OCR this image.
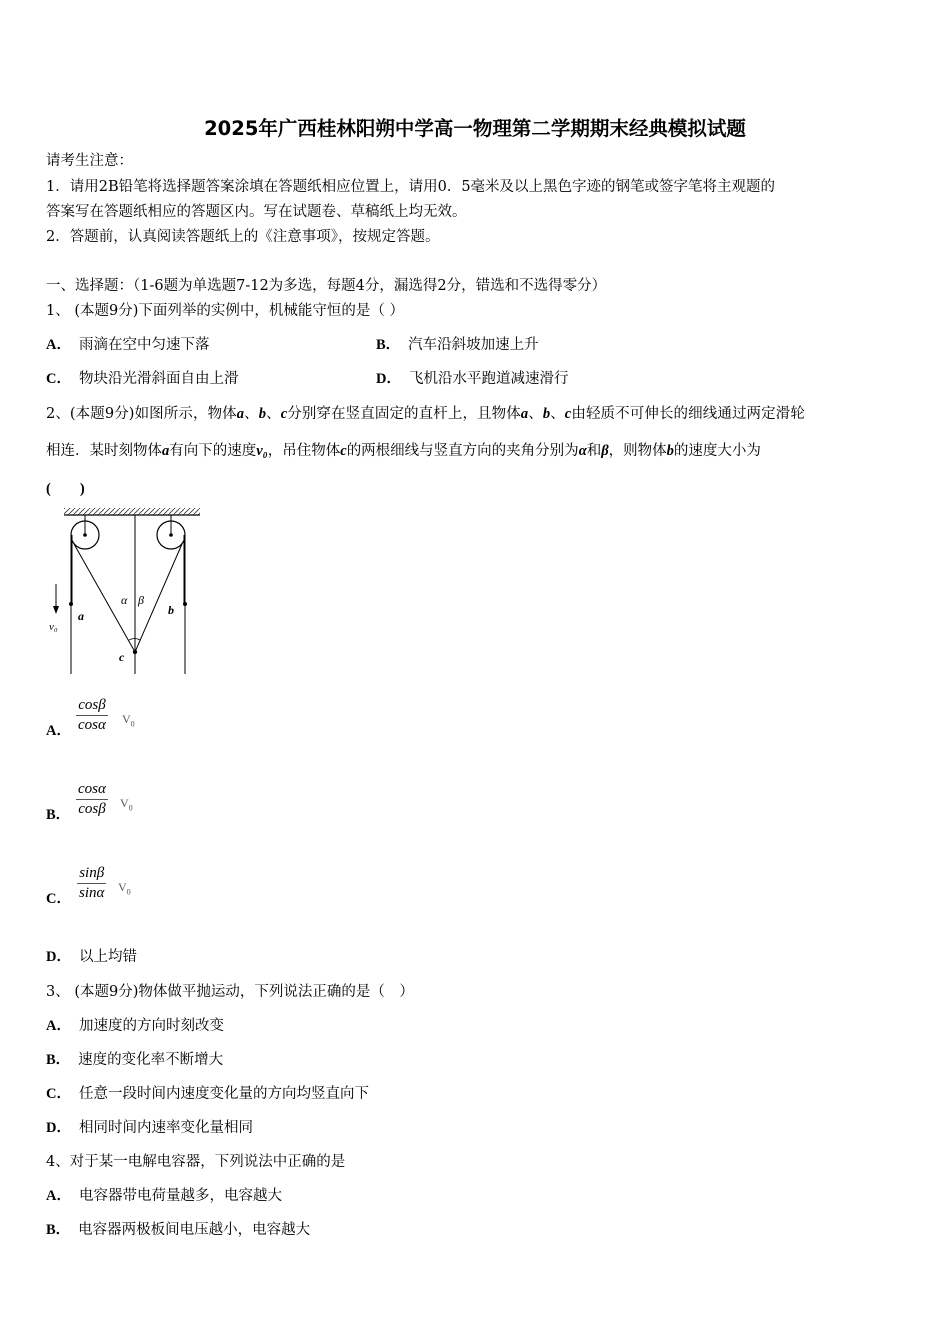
2025年广西桂林阳朔中学高一物理第二学期期末经典模拟试题
请考生注意：
1．请用2B铅笔将选择题答案涂填在答题纸相应位置上，请用0．5毫米及以上黑色字迹的钢笔或签字笔将主观题的
答案写在答题纸相应的答题区内。写在试题卷、草稿纸上均无效。
2．答题前，认真阅读答题纸上的《注意事项》，按规定答题。
一、选择题：（1-6题为单选题7-12为多选，每题4分，漏选得2分，错选和不选得零分）
1、 (本题9分)下面列举的实例中，机械能守恒的是（ ）
A． 雨滴在空中匀速下落	B． 汽车沿斜坡加速上升
C． 物块沿光滑斜面自由上滑	D． 飞机沿水平跑道减速滑行
2、(本题9分)如图所示，物体a、b、c分别穿在竖直固定的直杆上，且物体a、b、c由轻质不可伸长的细线通过两定滑轮
相连．某时刻物体a有向下的速度v₀，吊住物体c的两根细线与竖直方向的夹角分别为α和β，则物体b的速度大小为
(　　)
v₀
a	b
c
α β
A．
cosβ
cosα $V_0$
B．
cosα
cosβ $V_0$
C．
sinβ
sinα $V_0$
D． 以上均错
3、 (本题9分)物体做平抛运动，下列说法正确的是（　）
A． 加速度的方向时刻改变
B． 速度的变化率不断增大
C． 任意一段时间内速度变化量的方向均竖直向下
D． 相同时间内速率变化量相同
4、对于某一电解电容器，下列说法中正确的是
A． 电容器带电荷量越多，电容越大
B． 电容器两极板间电压越小，电容越大
